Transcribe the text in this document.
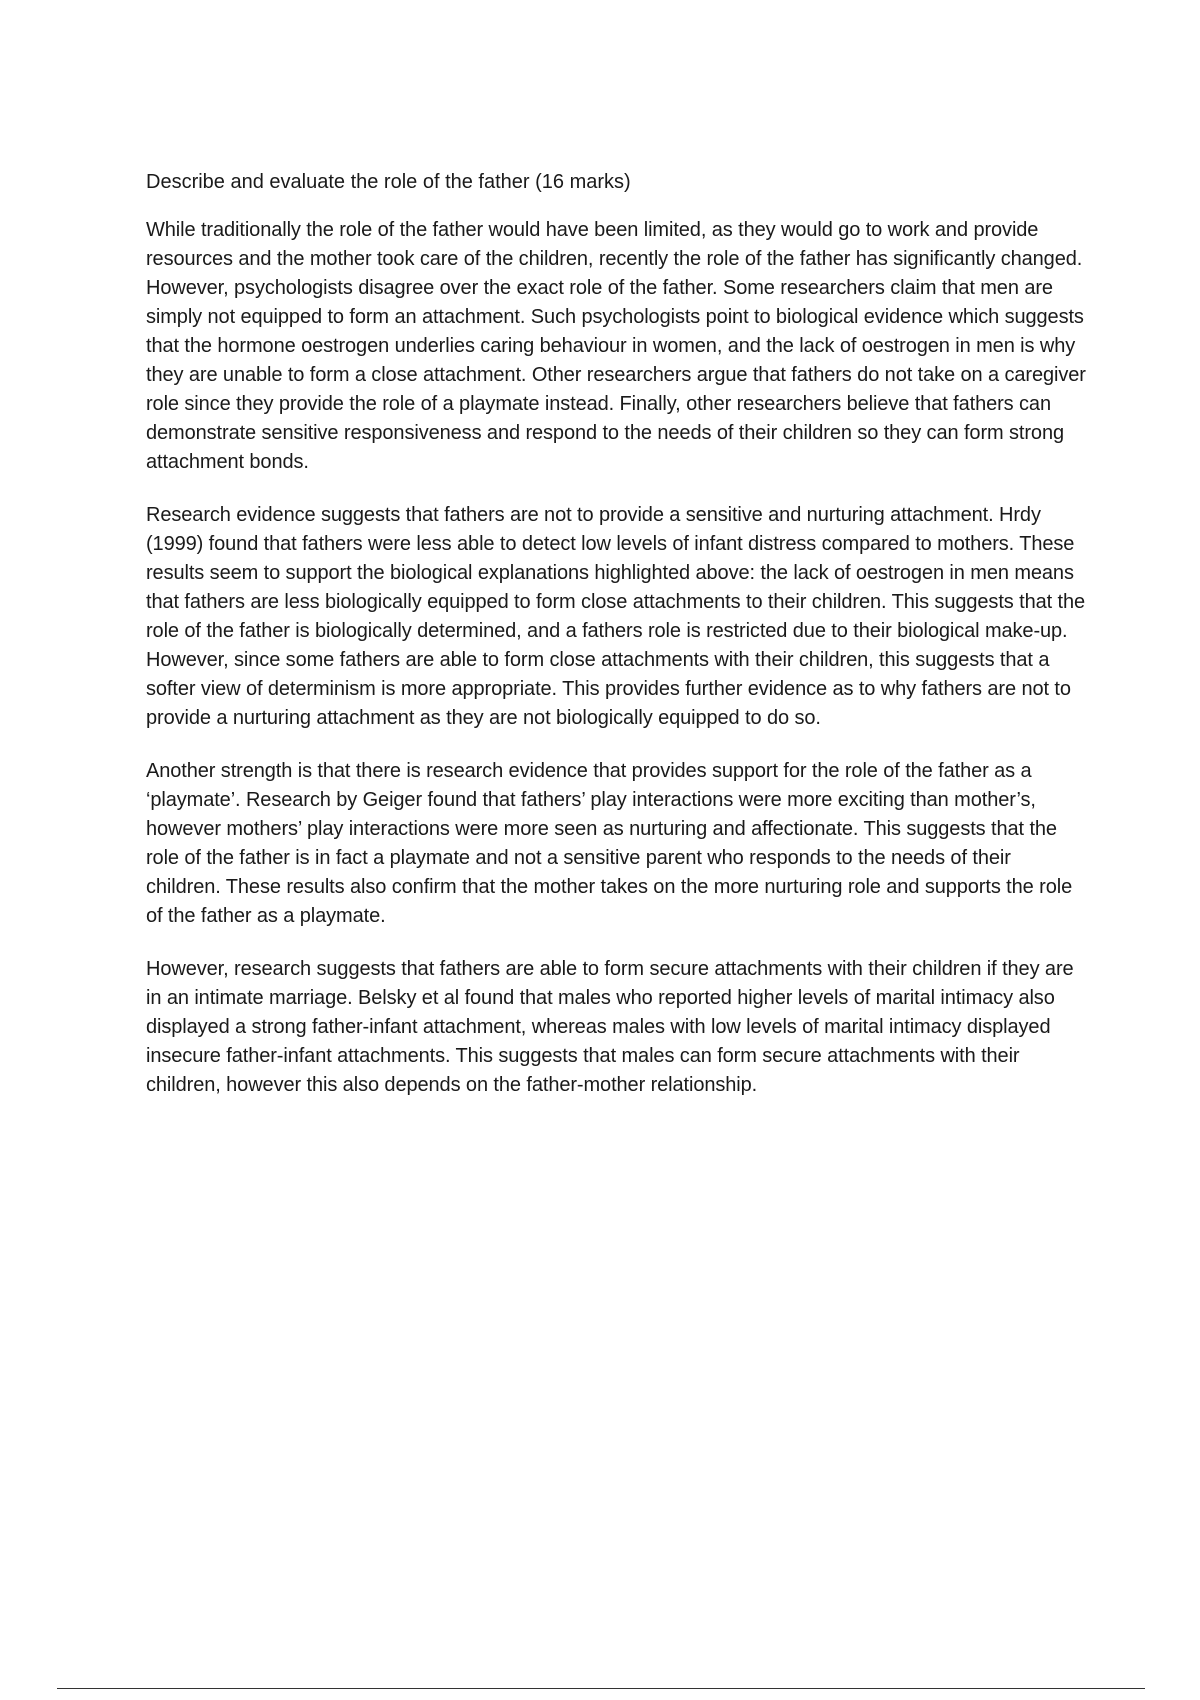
Describe and evaluate the role of the father (16 marks)

While traditionally the role of the father would have been limited, as they would go to work and provide resources and the mother took care of the children, recently the role of the father has significantly changed. However, psychologists disagree over the exact role of the father. Some researchers claim that men are simply not equipped to form an attachment. Such psychologists point to biological evidence which suggests that the hormone oestrogen underlies caring behaviour in women, and the lack of oestrogen in men is why they are unable to form a close attachment. Other researchers argue that fathers do not take on a caregiver role since they provide the role of a playmate instead. Finally, other researchers believe that fathers can demonstrate sensitive responsiveness and respond to the needs of their children so they can form strong attachment bonds.

Research evidence suggests that fathers are not to provide a sensitive and nurturing attachment. Hrdy (1999) found that fathers were less able to detect low levels of infant distress compared to mothers. These results seem to support the biological explanations highlighted above: the lack of oestrogen in men means that fathers are less biologically equipped to form close attachments to their children. This suggests that the role of the father is biologically determined, and a fathers role is restricted due to their biological make-up. However, since some fathers are able to form close attachments with their children, this suggests that a softer view of determinism is more appropriate. This provides further evidence as to why fathers are not to provide a nurturing attachment as they are not biologically equipped to do so.

Another strength is that there is research evidence that provides support for the role of the father as a ‘playmate’. Research by Geiger found that fathers’ play interactions were more exciting than mother’s, however mothers’ play interactions were more seen as nurturing and affectionate. This suggests that the role of the father is in fact a playmate and not a sensitive parent who responds to the needs of their children. These results also confirm that the mother takes on the more nurturing role and supports the role of the father as a playmate.

However, research suggests that fathers are able to form secure attachments with their children if they are in an intimate marriage. Belsky et al found that males who reported higher levels of marital intimacy also displayed a strong father-infant attachment, whereas males with low levels of marital intimacy displayed insecure father-infant attachments. This suggests that males can form secure attachments with their children, however this also depends on the father-mother relationship.
